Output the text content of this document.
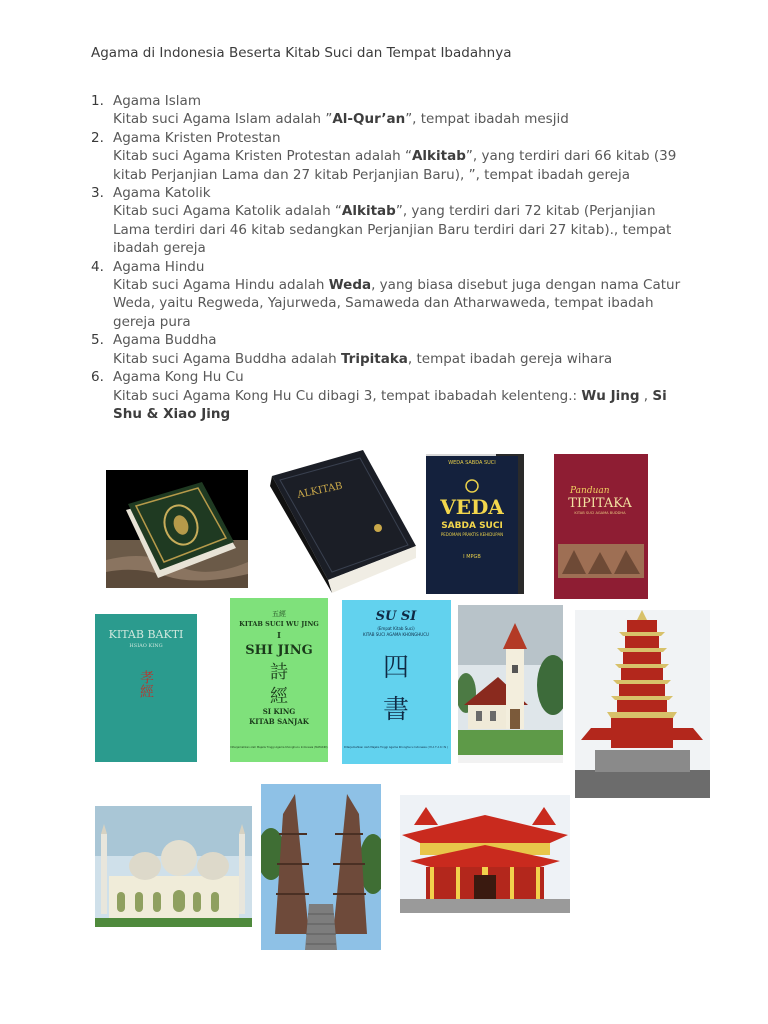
Agama di Indonesia Beserta Kitab Suci dan Tempat Ibadahnya
1. Agama Islam
Kitab suci Agama Islam adalah ”Al-Qur’an”, tempat ibadah mesjid
2. Agama Kristen Protestan
Kitab suci Agama Kristen Protestan adalah “Alkitab”, yang terdiri dari 66 kitab (39 kitab Perjanjian Lama dan 27 kitab Perjanjian Baru), ”, tempat ibadah gereja
3. Agama Katolik
Kitab suci Agama Katolik adalah “Alkitab”, yang terdiri dari 72 kitab (Perjanjian Lama terdiri dari 46 kitab sedangkan Perjanjian Baru terdiri dari 27 kitab)., tempat ibadah gereja
4. Agama Hindu
Kitab suci Agama Hindu adalah Weda, yang biasa disebut juga dengan nama Catur Weda, yaitu Regweda, Yajurweda, Samaweda dan Atharwaweda, tempat ibadah gereja pura
5. Agama Buddha
Kitab suci Agama Buddha adalah Tripitaka, tempat ibadah gereja wihara
6. Agama Kong Hu Cu
Kitab suci Agama Kong Hu Cu dibagi 3, tempat ibabadah kelenteng.: Wu Jing , Si Shu & Xiao Jing
ALKITAB
WEDA SABDA SUCI
VEDA
SABDA SUCI
PEDOMAN PRAKTIS KEHIDUPAN
I MPGB
Panduan
TIPITAKA
KITAB SUCI AGAMA BUDDHA
KITAB BAKTI
HSIAO KING
孝經
五經
KITAB SUCI WU JING
I
SHI JING
詩
經
SI KING
KITAB SANJAK
Diterjemahkan oleh Majelis Tinggi Agama Khonghucu Indonesia (MATAKIN)
SU SI
(Empat Kitab Suci)
KITAB SUCI AGAMA KHONGHUCU
四
書
Diterjemahkan oleh Majelis Tinggi Agama Khonghucu Indonesia ( M A T A K I N )
